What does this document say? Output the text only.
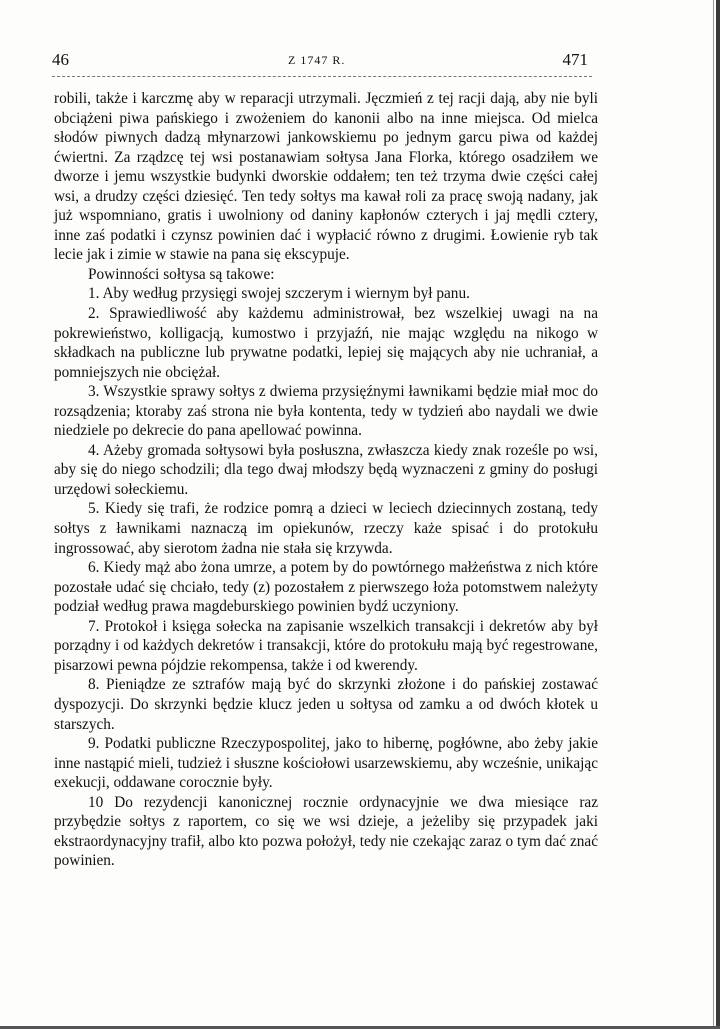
46	Z 1747 R.	471

robili, także i karczmę aby w reparacji utrzymali. Jęczmień z tej racji dają, aby nie byli obciążeni piwa pańskiego i zwożeniem do kanonii albo na inne miejsca. Od mielca słodów piwnych dadzą młynarzowi jankowskiemu po jednym garcu piwa od każdej ćwiertni. Za rządzcę tej wsi postanawiam sołtysa Jana Florka, którego osadziłem we dworze i jemu wszystkie budynki dworskie oddałem; ten też trzyma dwie części całej wsi, a drudzy części dziesięć. Ten tedy sołtys ma kawał roli za pracę swoją nadany, jak już wspomniano, gratis i uwolniony od daniny kapłonów czterych i jaj mędli cztery, inne zaś podatki i czynsz powinien dać i wypłacić równo z drugimi. Łowienie ryb tak lecie jak i zimie w stawie na pana się ekscypuje.

Powinności sołtysa są takowe:

1. Aby według przysięgi swojej szczerym i wiernym był panu.

2. Sprawiedliwość aby każdemu administrował, bez wszelkiej uwagi na na pokrewieństwo, kolligacją, kumostwo i przyjaźń, nie mając względu na nikogo w składkach na publiczne lub prywatne podatki, lepiej się mających aby nie uchraniał, a pomniejszych nie obciężał.

3. Wszystkie sprawy sołtys z dwiema przysięźnymi ławnikami będzie miał moc do rozsądzenia; ktoraby zaś strona nie była kontenta, tedy w tydzień abo naydali we dwie niedziele po dekrecie do pana apellować powinna.

4. Ażeby gromada sołtysowi była posłuszna, zwłaszcza kiedy znak roześle po wsi, aby się do niego schodzili; dla tego dwaj młodszy będą wyznaczeni z gminy do posługi urzędowi sołeckiemu.

5. Kiedy się trafi, że rodzice pomrą a dzieci w leciech dziecinnych zostaną, tedy sołtys z ławnikami naznaczą im opiekunów, rzeczy każe spisać i do protokułu ingrossować, aby sierotom żadna nie stała się krzywda.

6. Kiedy mąż abo żona umrze, a potem by do powtórnego małżeństwa z nich które pozostałe udać się chciało, tedy (z) pozostałem z pierwszego łoża potomstwem należyty podział według prawa magdeburskiego powinien bydź uczyniony.

7. Protokoł i księga sołecka na zapisanie wszelkich transakcji i dekretów aby był porządny i od każdych dekretów i transakcji, które do protokułu mają być regestrowane, pisarzowi pewna pójdzie rekompensa, także i od kwerendy.

8. Pieniądze ze sztrafów mają być do skrzynki złożone i do pańskiej zostawać dyspozycji. Do skrzynki będzie klucz jeden u sołtysa od zamku a od dwóch kłotek u starszych.

9. Podatki publiczne Rzeczypospolitej, jako to hibernę, pogłówne, abo żeby jakie inne nastąpić mieli, tudzież i słuszne kościołowi usarzewskiemu, aby wcześnie, unikając exekucji, oddawane corocznie były.

10 Do rezydencji kanonicznej rocznie ordynacyjnie we dwa miesiące raz przybędzie sołtys z raportem, co się we wsi dzieje, a jeżeliby się przypadek jaki ekstraordynacyjny trafił, albo kto pozwa położył, tedy nie czekając zaraz o tym dać znać powinien.
